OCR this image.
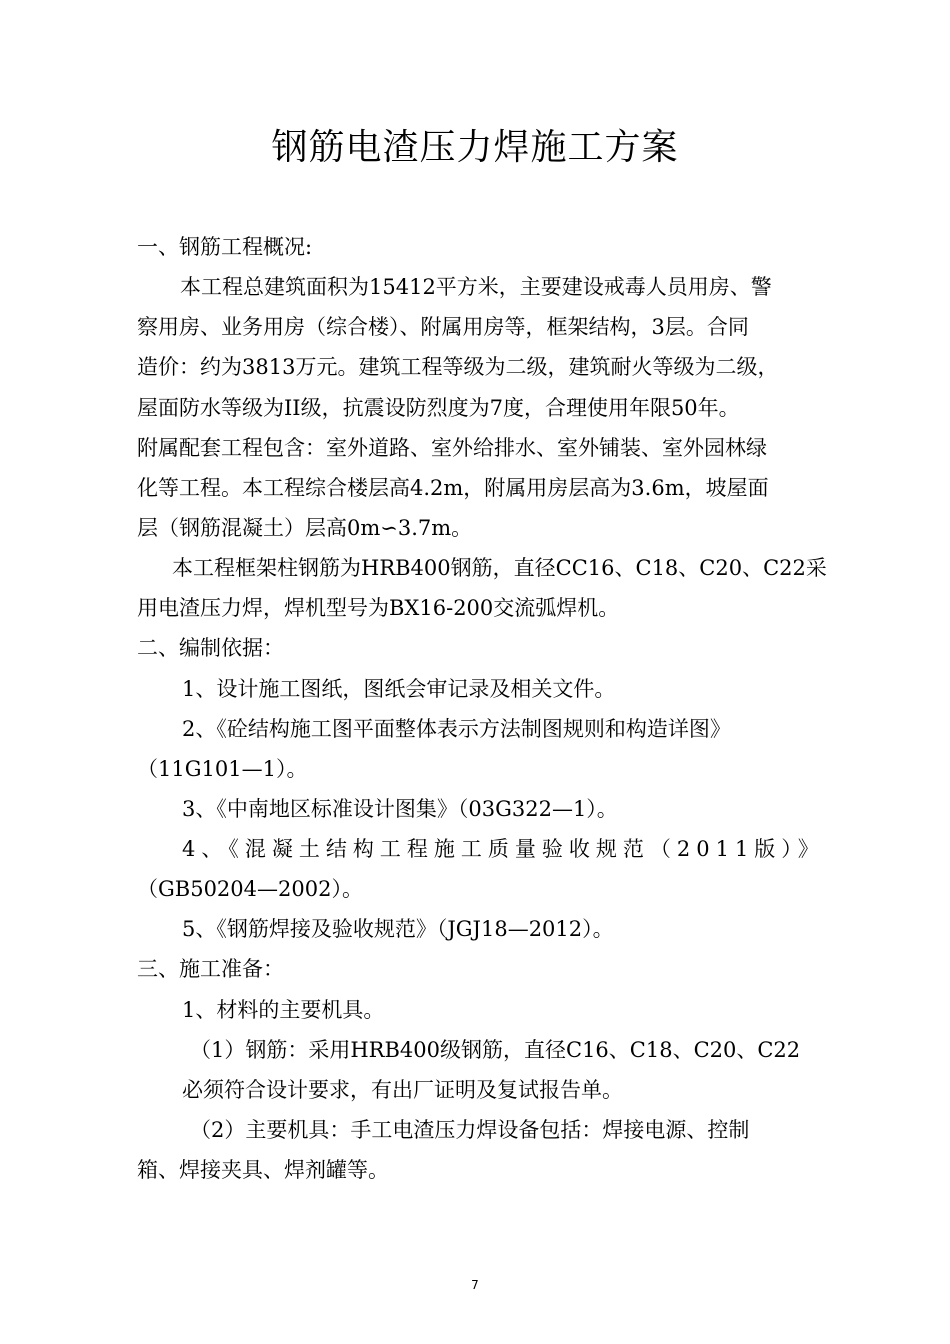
钢筋电渣压力焊施工方案
一、钢筋工程概况:
本工程总建筑面积为15412平方米，主要建设戒毒人员用房、警
察用房、业务用房（综合楼）、附属用房等，框架结构，3层。合同
造价：约为3813万元。建筑工程等级为二级，建筑耐火等级为二级，
屋面防水等级为II级，抗震设防烈度为7度，合理使用年限50年。
附属配套工程包含：室外道路、室外给排水、室外铺装、室外园林绿
化等工程。本工程综合楼层高4.2m，附属用房层高为3.6m，坡屋面
层（钢筋混凝土）层高0m∽3.7m。
本工程框架柱钢筋为HRB400钢筋，直径CC16、C18、C20、C22采
用电渣压力焊，焊机型号为BX16-200交流弧焊机。
二、编制依据：
1、设计施工图纸，图纸会审记录及相关文件。
2、《砼结构施工图平面整体表示方法制图规则和构造详图》
（11G101—1）。
3、《中南地区标准设计图集》（03G322—1）。
4、《混凝土结构工程施工质量验收规范（2011版）》
（GB50204—2002）。
5、《钢筋焊接及验收规范》（JGJ18—2012）。
三、施工准备：
1、材料的主要机具。
（1）钢筋：采用HRB400级钢筋，直径C16、C18、C20、C22
必须符合设计要求，有出厂证明及复试报告单。
（2）主要机具：手工电渣压力焊设备包括：焊接电源、控制
箱、焊接夹具、焊剂罐等。
7
